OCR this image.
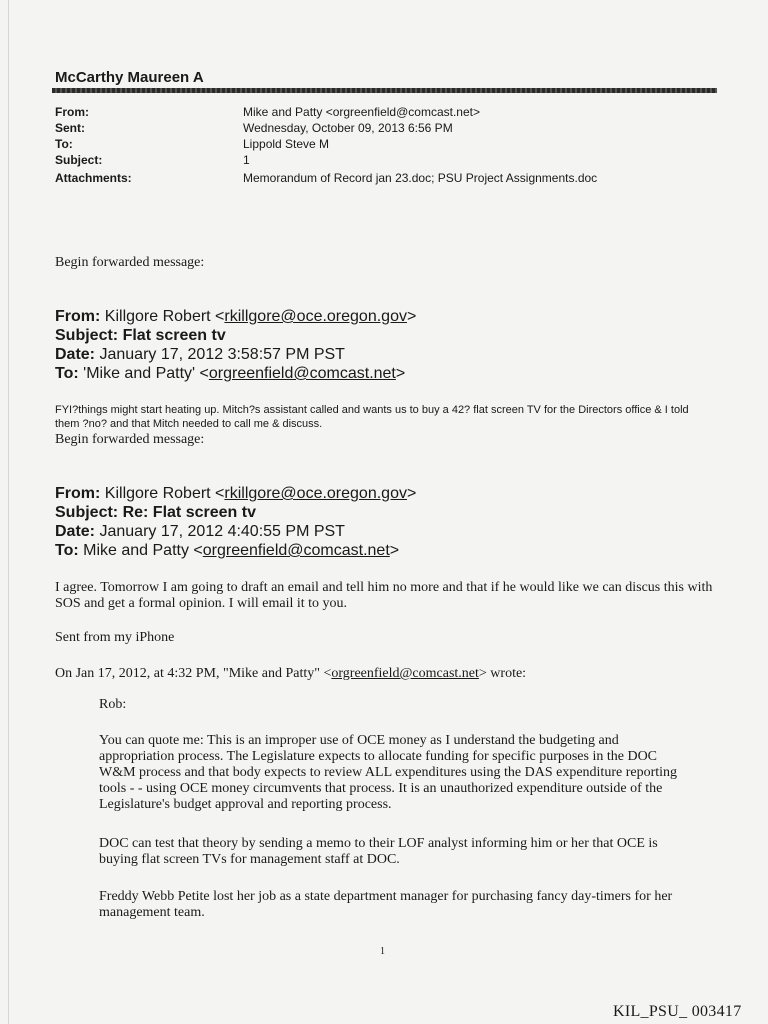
McCarthy Maureen A
From:	Mike and Patty <orgreenfield@comcast.net>
Sent:	Wednesday, October 09, 2013 6:56 PM
To:	Lippold Steve M
Subject:	1
Attachments:	Memorandum of Record jan 23.doc; PSU Project Assignments.doc
Begin forwarded message:
From: Killgore Robert <rkillgore@oce.oregon.gov>
Subject: Flat screen tv
Date: January 17, 2012 3:58:57 PM PST
To: 'Mike and Patty' <orgreenfield@comcast.net>
FYI?things might start heating up. Mitch?s assistant called and wants us to buy a 42? flat screen TV for the Directors office & I told them ?no? and that Mitch needed to call me & discuss.
Begin forwarded message:
From: Killgore Robert <rkillgore@oce.oregon.gov>
Subject: Re: Flat screen tv
Date: January 17, 2012 4:40:55 PM PST
To: Mike and Patty <orgreenfield@comcast.net>
I agree. Tomorrow I am going to draft an email and tell him no more and that if he would like we can discus this with SOS and get a formal opinion. I will email it to you.
Sent from my iPhone
On Jan 17, 2012, at 4:32 PM, "Mike and Patty" <orgreenfield@comcast.net> wrote:
Rob:
You can quote me: This is an improper use of OCE money as I understand the budgeting and appropriation process. The Legislature expects to allocate funding for specific purposes in the DOC W&M process and that body expects to review ALL expenditures using the DAS expenditure reporting tools - - using OCE money circumvents that process. It is an unauthorized expenditure outside of the Legislature's budget approval and reporting process.
DOC can test that theory by sending a memo to their LOF analyst informing him or her that OCE is buying flat screen TVs for management staff at DOC.
Freddy Webb Petite lost her job as a state department manager for purchasing fancy day-timers for her management team.
1
KIL_PSU_ 003417
